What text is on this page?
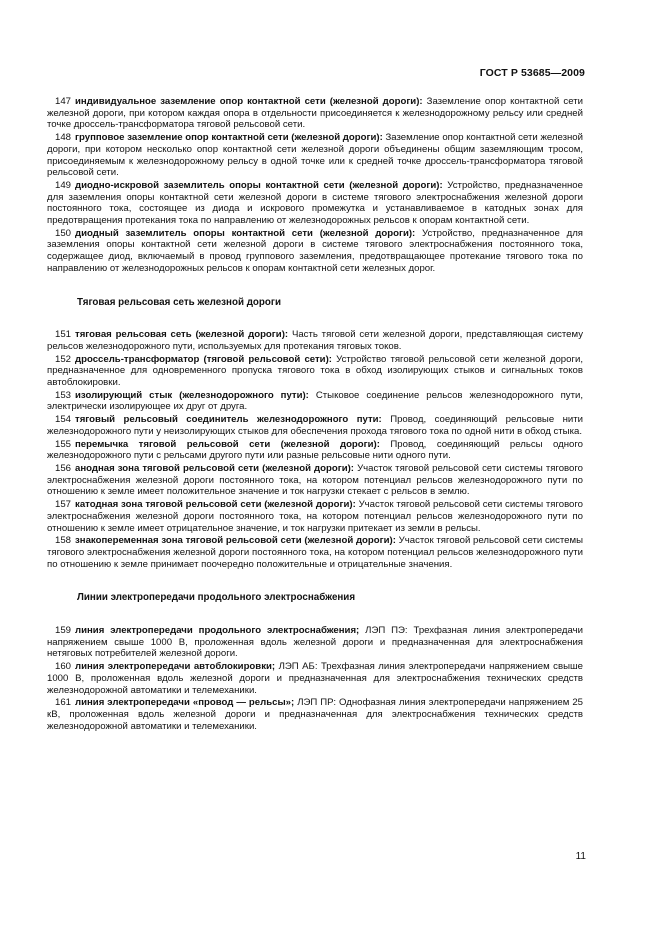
ГОСТ Р 53685—2009

147 индивидуальное заземление опор контактной сети (железной дороги): Заземление опор контактной сети железной дороги, при котором каждая опора в отдельности присоединяется к железнодорожному рельсу или средней точке дроссель-трансформатора тяговой рельсовой сети.

148 групповое заземление опор контактной сети (железной дороги): Заземление опор контактной сети железной дороги, при котором несколько опор контактной сети железной дороги объединены общим заземляющим тросом, присоединяемым к железнодорожному рельсу в одной точке или к средней точке дроссель-трансформатора тяговой рельсовой сети.

149 диодно-искровой заземлитель опоры контактной сети (железной дороги): Устройство, предназначенное для заземления опоры контактной сети железной дороги в системе тягового электроснабжения железной дороги постоянного тока, состоящее из диода и искрового промежутка и устанавливаемое в катодных зонах для предотвращения протекания тока по направлению от железнодорожных рельсов к опорам контактной сети.

150 диодный заземлитель опоры контактной сети (железной дороги): Устройство, предназначенное для заземления опоры контактной сети железной дороги в системе тягового электроснабжения постоянного тока, содержащее диод, включаемый в провод группового заземления, предотвращающее протекание тягового тока по направлению от железнодорожных рельсов к опорам контактной сети железных дорог.

Тяговая рельсовая сеть железной дороги

151 тяговая рельсовая сеть (железной дороги): Часть тяговой сети железной дороги, представляющая систему рельсов железнодорожного пути, используемых для протекания тяговых токов.

152 дроссель-трансформатор (тяговой рельсовой сети): Устройство тяговой рельсовой сети железной дороги, предназначенное для одновременного пропуска тягового тока в обход изолирующих стыков и сигнальных токов автоблокировки.

153 изолирующий стык (железнодорожного пути): Стыковое соединение рельсов железнодорожного пути, электрически изолирующее их друг от друга.

154 тяговый рельсовый соединитель железнодорожного пути: Провод, соединяющий рельсовые нити железнодорожного пути у неизолирующих стыков для обеспечения прохода тягового тока по одной нити в обход стыка.

155 перемычка тяговой рельсовой сети (железной дороги): Провод, соединяющий рельсы одного железнодорожного пути с рельсами другого пути или разные рельсовые нити одного пути.

156 анодная зона тяговой рельсовой сети (железной дороги): Участок тяговой рельсовой сети системы тягового электроснабжения железной дороги постоянного тока, на котором потенциал рельсов железнодорожного пути по отношению к земле имеет положительное значение и ток нагрузки стекает с рельсов в землю.

157 катодная зона тяговой рельсовой сети (железной дороги): Участок тяговой рельсовой сети системы тягового электроснабжения железной дороги постоянного тока, на котором потенциал рельсов железнодорожного пути по отношению к земле имеет отрицательное значение, и ток нагрузки притекает из земли в рельсы.

158 знакопеременная зона тяговой рельсовой сети (железной дороги): Участок тяговой рельсовой сети системы тягового электроснабжения железной дороги постоянного тока, на котором потенциал рельсов железнодорожного пути по отношению к земле принимает поочередно положительные и отрицательные значения.

Линии электропередачи продольного электроснабжения

159 линия электропередачи продольного электроснабжения; ЛЭП ПЭ: Трехфазная линия электропередачи напряжением свыше 1000 В, проложенная вдоль железной дороги и предназначенная для электроснабжения нетяговых потребителей железной дороги.

160 линия электропередачи автоблокировки; ЛЭП АБ: Трехфазная линия электропередачи напряжением свыше 1000 В, проложенная вдоль железной дороги и предназначенная для электроснабжения технических средств железнодорожной автоматики и телемеханики.

161 линия электропередачи «провод — рельсы»; ЛЭП ПР: Однофазная линия электропередачи напряжением 25 кВ, проложенная вдоль железной дороги и предназначенная для электроснабжения технических средств железнодорожной автоматики и телемеханики.

11
